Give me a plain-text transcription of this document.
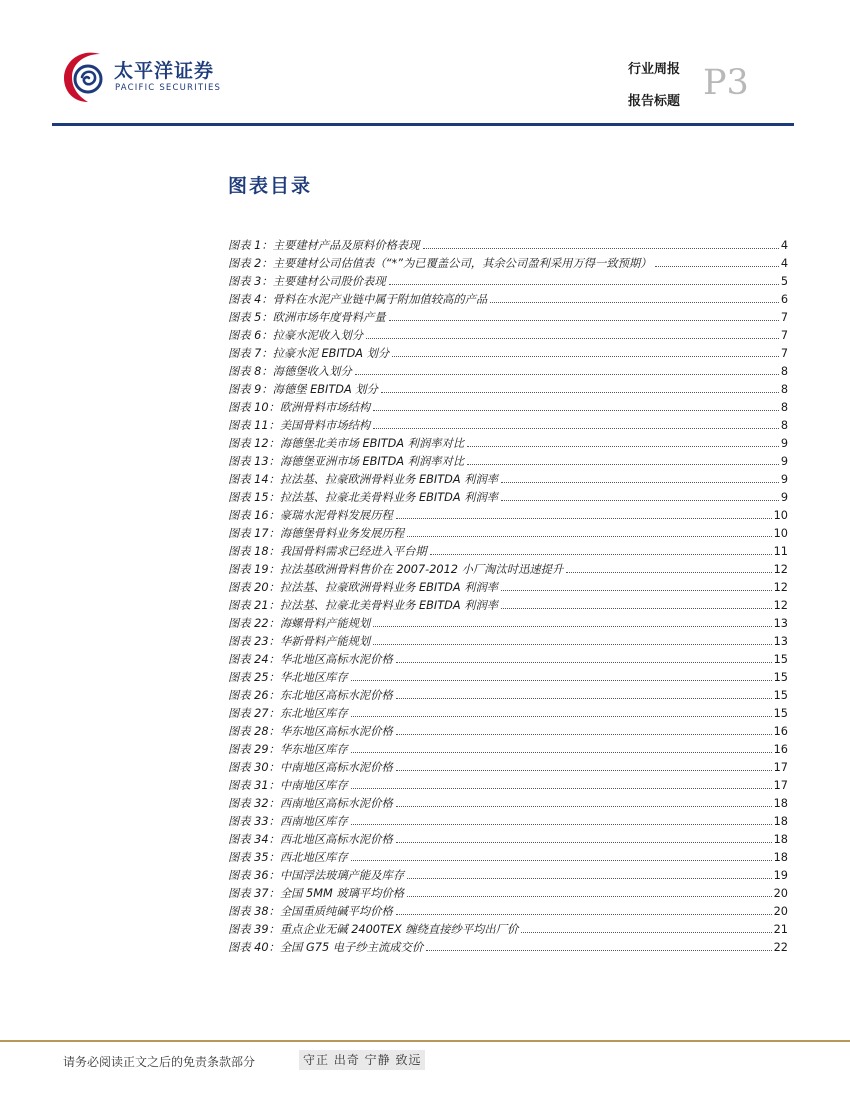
太平洋证券
PACIFIC SECURITIES
行业周报
报告标题 P3
图表目录
图表 1：主要建材产品及原料价格表现	4
图表 2：主要建材公司估值表（“*”为已覆盖公司，其余公司盈利采用万得一致预期）	4
图表 3：主要建材公司股价表现	5
图表 4：骨料在水泥产业链中属于附加值较高的产品	6
图表 5：欧洲市场年度骨料产量	7
图表 6：拉豪水泥收入划分	7
图表 7：拉豪水泥 EBITDA 划分	7
图表 8：海德堡收入划分	8
图表 9：海德堡 EBITDA 划分	8
图表 10：欧洲骨料市场结构	8
图表 11：美国骨料市场结构	8
图表 12：海德堡北美市场 EBITDA 利润率对比	9
图表 13：海德堡亚洲市场 EBITDA 利润率对比	9
图表 14：拉法基、拉豪欧洲骨料业务 EBITDA 利润率	9
图表 15：拉法基、拉豪北美骨料业务 EBITDA 利润率	9
图表 16：豪瑞水泥骨料发展历程	10
图表 17：海德堡骨料业务发展历程	10
图表 18：我国骨料需求已经进入平台期	11
图表 19：拉法基欧洲骨料售价在 2007-2012 小厂淘汰时迅速提升	12
图表 20：拉法基、拉豪欧洲骨料业务 EBITDA 利润率	12
图表 21：拉法基、拉豪北美骨料业务 EBITDA 利润率	12
图表 22：海螺骨料产能规划	13
图表 23：华新骨料产能规划	13
图表 24：华北地区高标水泥价格	15
图表 25：华北地区库存	15
图表 26：东北地区高标水泥价格	15
图表 27：东北地区库存	15
图表 28：华东地区高标水泥价格	16
图表 29：华东地区库存	16
图表 30：中南地区高标水泥价格	17
图表 31：中南地区库存	17
图表 32：西南地区高标水泥价格	18
图表 33：西南地区库存	18
图表 34：西北地区高标水泥价格	18
图表 35：西北地区库存	18
图表 36：中国浮法玻璃产能及库存	19
图表 37：全国 5MM 玻璃平均价格	20
图表 38：全国重质纯碱平均价格	20
图表 39：重点企业无碱 2400TEX 缠绕直接纱平均出厂价	21
图表 40：全国 G75 电子纱主流成交价	22
请务必阅读正文之后的免责条款部分	守正 出奇 宁静 致远
